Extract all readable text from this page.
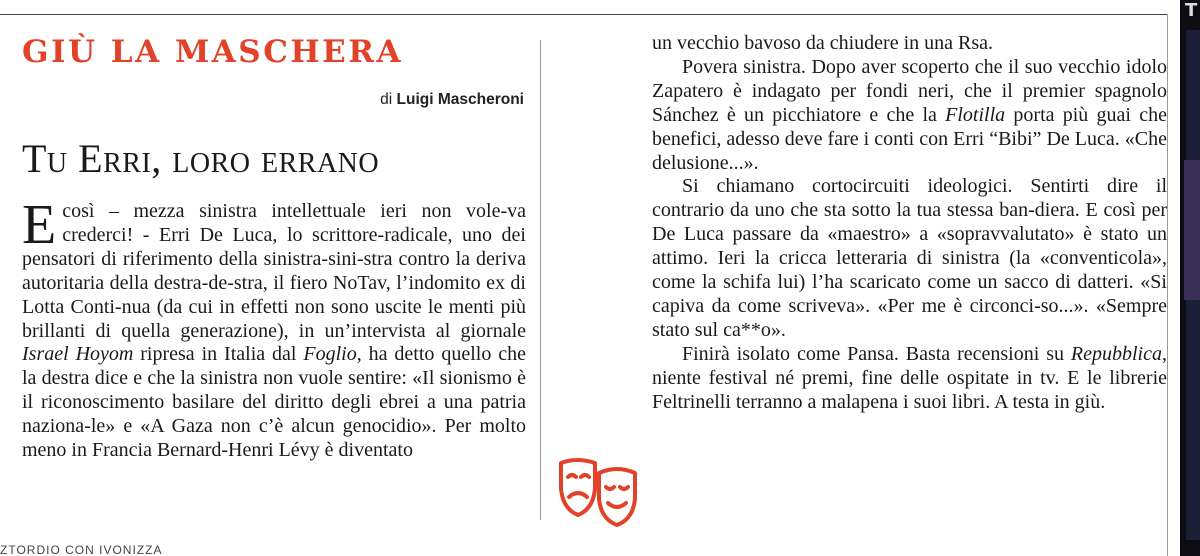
T
GIÙ LA MASCHERA

di Luigi Mascheroni

Tu Erri, loro errano

E così – mezza sinistra intellettuale ieri non vole-va crederci! - Erri De Luca, lo scrittore-radicale, uno dei pensatori di riferimento della sinistra-sini-stra contro la deriva autoritaria della destra-de-stra, il fiero NoTav, l’indomito ex di Lotta Conti-nua (da cui in effetti non sono uscite le menti più brillanti di quella generazione), in un’intervista al giornale Israel Hoyom ripresa in Italia dal Foglio, ha detto quello che la destra dice e che la sinistra non vuole sentire: «Il sionismo è il riconoscimento basilare del diritto degli ebrei a una patria naziona-le» e «A Gaza non c’è alcun genocidio». Per molto meno in Francia Bernard-Henri Lévy è diventato

un vecchio bavoso da chiudere in una Rsa.

Povera sinistra. Dopo aver scoperto che il suo vecchio idolo Zapatero è indagato per fondi neri, che il premier spagnolo Sánchez è un picchiatore e che la Flotilla porta più guai che benefici, adesso deve fare i conti con Erri “Bibi” De Luca. «Che delusione...».

Si chiamano cortocircuiti ideologici. Sentirti dire il contrario da uno che sta sotto la tua stessa ban-diera. E così per De Luca passare da «maestro» a «sopravvalutato» è stato un attimo. Ieri la cricca letteraria di sinistra (la «conventicola», come la schifa lui) l’ha scaricato come un sacco di datteri. «Si capiva da come scriveva». «Per me è circonci-so...». «Sempre stato sul ca**o».

Finirà isolato come Pansa. Basta recensioni su Repubblica, niente festival né premi, fine delle ospitate in tv. E le librerie Feltrinelli terranno a malapena i suoi libri. A testa in giù.

ZTORDIO CON IVONIZZA
